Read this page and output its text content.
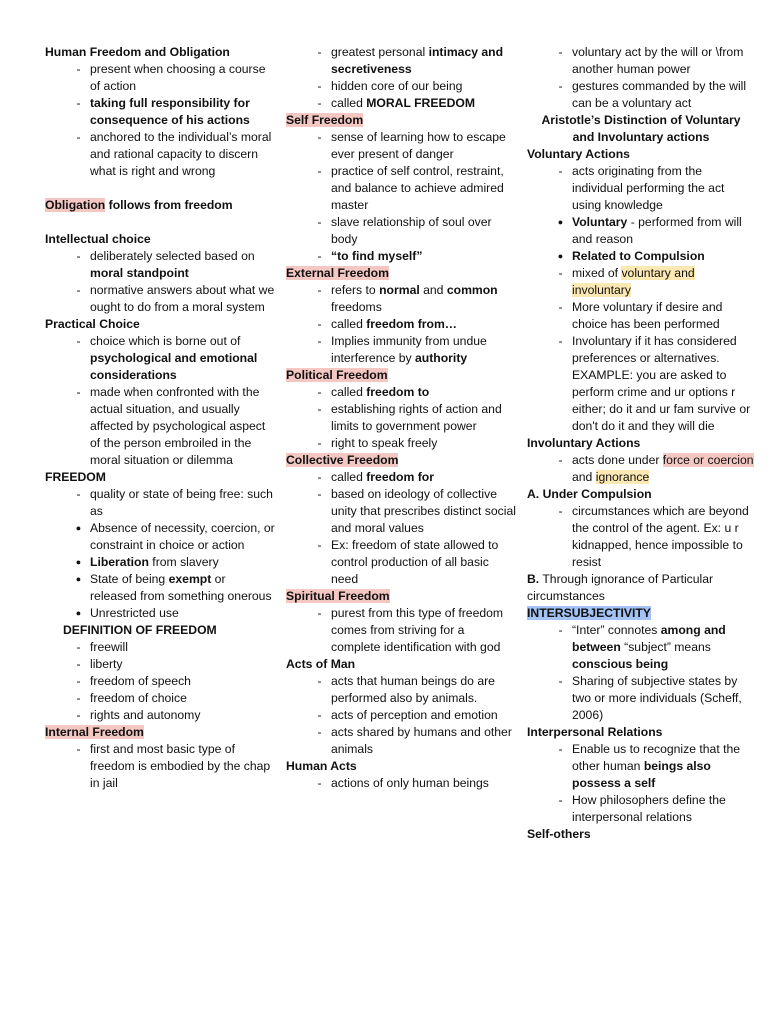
Human Freedom and Obligation
- present when choosing a course of action
- taking full responsibility for consequence of his actions
- anchored to the individual’s moral and rational capacity to discern what is right and wrong
Obligation follows from freedom
Intellectual choice
- deliberately selected based on moral standpoint
- normative answers about what we ought to do from a moral system
Practical Choice
- choice which is borne out of psychological and emotional considerations
- made when confronted with the actual situation, and usually affected by psychological aspect of the person embroiled in the moral situation or dilemma
FREEDOM
- quality or state of being free: such as
● Absence of necessity, coercion, or constraint in choice or action
● Liberation from slavery
● State of being exempt or released from something onerous
● Unrestricted use
DEFINITION OF FREEDOM
- freewill
- liberty
- freedom of speech
- freedom of choice
- rights and autonomy
Internal Freedom
- first and most basic type of freedom is embodied by the chap in jail
- greatest personal intimacy and secretiveness
- hidden core of our being
- called MORAL FREEDOM
Self Freedom
- sense of learning how to escape ever present of danger
- practice of self control, restraint, and balance to achieve admired master
- slave relationship of soul over body
- “to find myself”
External Freedom
- refers to normal and common freedoms
- called freedom from…
- Implies immunity from undue interference by authority
Political Freedom
- called freedom to
- establishing rights of action and limits to government power
- right to speak freely
Collective Freedom
- called freedom for
- based on ideology of collective unity that prescribes distinct social and moral values
- Ex: freedom of state allowed to control production of all basic need
Spiritual Freedom
- purest from this type of freedom comes from striving for a complete identification with god
Acts of Man
- acts that human beings do are performed also by animals.
- acts of perception and emotion
- acts shared by humans and other animals
Human Acts
- actions of only human beings
- voluntary act by the will or \from another human power
- gestures commanded by the will can be a voluntary act
Aristotle’s Distinction of Voluntary and Involuntary actions
Voluntary Actions
- acts originating from the individual performing the act using knowledge
● Voluntary - performed from will and reason
● Related to Compulsion
- mixed of voluntary and involuntary
- More voluntary if desire and choice has been performed
- Involuntary if it has considered preferences or alternatives.
EXAMPLE: you are asked to perform crime and ur options r either; do it and ur fam survive or don't do it and they will die
Involuntary Actions
- acts done under force or coercion and ignorance
A. Under Compulsion
- circumstances which are beyond the control of the agent. Ex: u r kidnapped, hence impossible to resist
B. Through ignorance of Particular circumstances
INTERSUBJECTIVITY
- “Inter” connotes among and between “subject” means conscious being
- Sharing of subjective states by two or more individuals (Scheff, 2006)
Interpersonal Relations
- Enable us to recognize that the other human beings also possess a self
- How philosophers define the interpersonal relations
Self-others
